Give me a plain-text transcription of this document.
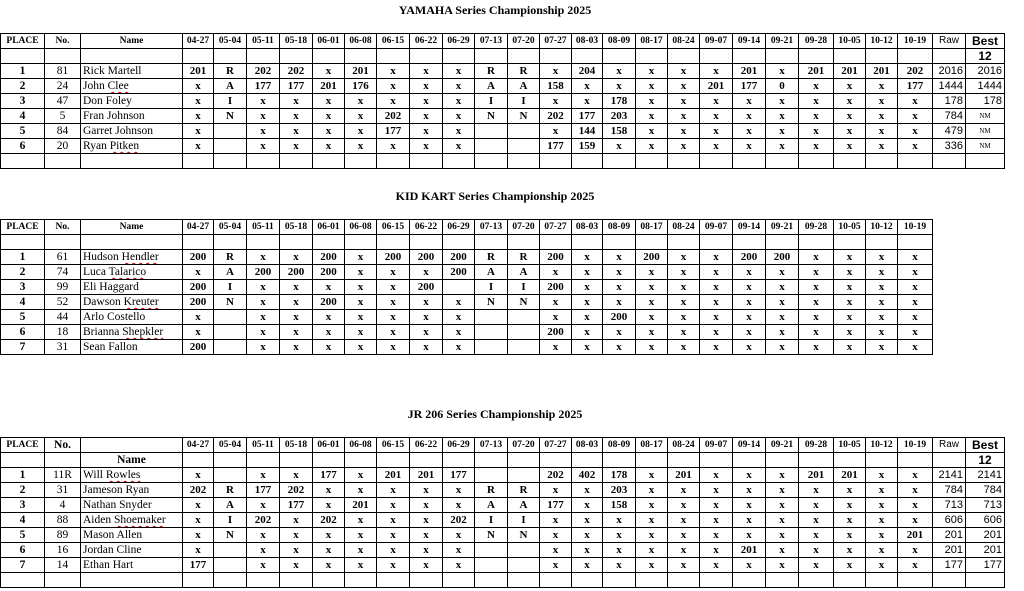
YAMAHA Series Championship 2025
PLACE	No.	Name	04-27	05-04	05-11	05-18	06-01	06-08	06-15	06-22	06-29	07-13	07-20	07-27	08-03	08-09	08-17	08-24	09-07	09-14	09-21	09-28	10-05	10-12	10-19	Raw	Best
																											12
1	81	Rick Martell	201	R	202	202	x	201	x	x	x	R	R	x	204	x	x	x	x	201	x	201	201	201	202	2016	2016
2	24	John Clee	x	A	177	177	201	176	x	x	x	A	A	158	x	x	x	x	201	177	0	x	x	x	177	1444	1444
3	47	Don Foley	x	I	x	x	x	x	x	x	x	I	I	x	x	178	x	x	x	x	x	x	x	x	x	178	178
4	5	Fran Johnson	x	N	x	x	x	x	202	x	x	N	N	202	177	203	x	x	x	x	x	x	x	x	x	784	NM
5	84	Garret Johnson	x		x	x	x	x	177	x	x			x	144	158	x	x	x	x	x	x	x	x	x	479	NM
6	20	Ryan Pitken	x		x	x	x	x	x	x	x			177	159	x	x	x	x	x	x	x	x	x	x	336	NM

KID KART Series Championship 2025
PLACE	No.	Name	04-27	05-04	05-11	05-18	06-01	06-08	06-15	06-22	06-29	07-13	07-20	07-27	08-03	08-09	08-17	08-24	09-07	09-14	09-21	09-28	10-05	10-12	10-19

1	61	Hudson Hendler	200	R	x	x	200	x	200	200	200	R	R	200	x	x	200	x	x	200	200	x	x	x	x
2	74	Luca Talarico	x	A	200	200	200	x	x	x	200	A	A	x	x	x	x	x	x	x	x	x	x	x	x
3	99	Eli Haggard	200	I	x	x	x	x	x	200		I	I	200	x	x	x	x	x	x	x	x	x	x	x
4	52	Dawson Kreuter	200	N	x	x	200	x	x	x	x	N	N	x	x	x	x	x	x	x	x	x	x	x	x
5	44	Arlo Costello	x		x	x	x	x	x	x	x			x	x	200	x	x	x	x	x	x	x	x	x
6	18	Brianna Shepkler	x		x	x	x	x	x	x	x			200	x	x	x	x	x	x	x	x	x	x	x
7	31	Sean Fallon	200		x	x	x	x	x	x	x			x	x	x	x	x	x	x	x	x	x	x	x
JR 206 Series Championship 2025
PLACE	No.		04-27	05-04	05-11	05-18	06-01	06-08	06-15	06-22	06-29	07-13	07-20	07-27	08-03	08-09	08-17	08-24	09-07	09-14	09-21	09-28	10-05	10-12	10-19	Raw	Best
		Name																									12
1	11R	Will Rowles	x		x	x	177	x	201	201	177			202	402	178	x	201	x	x	x	201	201	x	x	2141	2141
2	31	Jameson Ryan	202	R	177	202	x	x	x	x	x	R	R	x	x	203	x	x	x	x	x	x	x	x	x	784	784
3	4	Nathan Snyder	x	A	x	177	x	201	x	x	x	A	A	177	x	158	x	x	x	x	x	x	x	x	x	713	713
4	88	Aiden Shoemaker	x	I	202	x	202	x	x	x	202	I	I	x	x	x	x	x	x	x	x	x	x	x	x	606	606
5	89	Mason Allen	x	N	x	x	x	x	x	x	x	N	N	x	x	x	x	x	x	x	x	x	x	x	201	201	201
6	16	Jordan Cline	x		x	x	x	x	x	x	x			x	x	x	x	x	x	201	x	x	x	x	x	201	201
7	14	Ethan Hart	177		x	x	x	x	x	x	x			x	x	x	x	x	x	x	x	x	x	x	x	177	177
